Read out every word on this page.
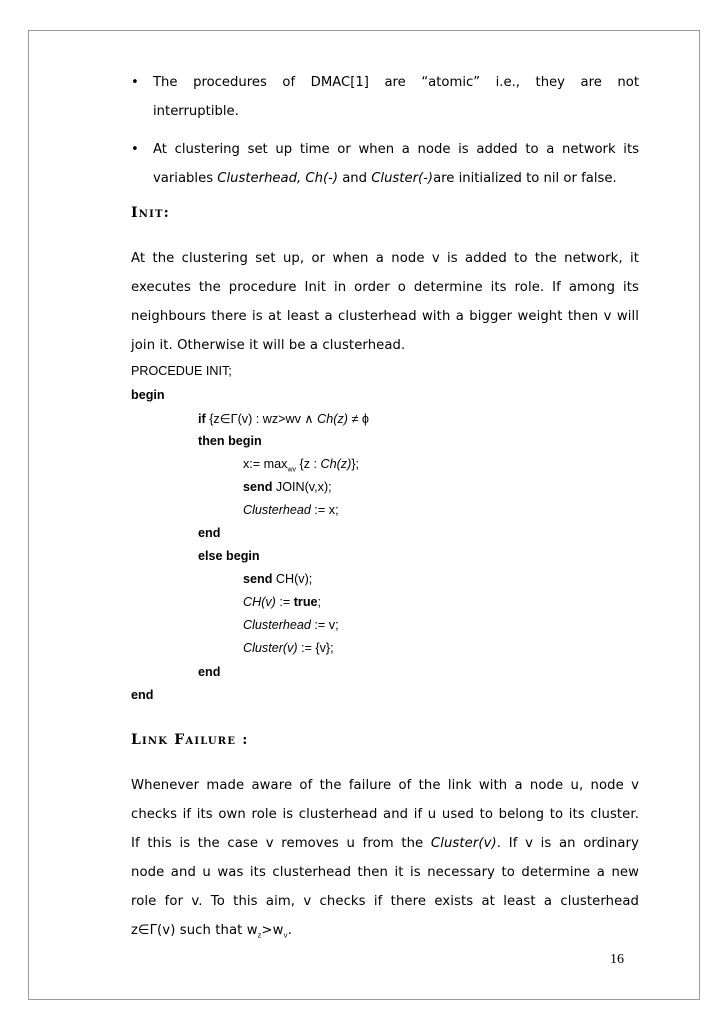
• The procedures of DMAC[1] are “atomic” i.e., they are not
interruptible.
• At clustering set up time or when a node is added to a network its
variables Clusterhead, Ch(-) and Cluster(-)are initialized to nil or false.
Init:
At the clustering set up, or when a node v is added to the network, it
executes the procedure Init in order o determine its role. If among its
neighbours there is at least a clusterhead with a bigger weight then v will
join it. Otherwise it will be a clusterhead.
PROCEDUE INIT;
begin
if {z∈Γ(v) : wz>wv ∧ Ch(z) ≠ ϕ
then begin
x:= $\max_{wv} \{z$ : Ch(z)};
send JOIN(v,x);
Clusterhead := x;
end
else begin
send CH(v);
CH(v) := true;
Clusterhead := v;
Cluster(v) := {v};
end
end
Link Failure :
Whenever made aware of the failure of the link with a node u, node v
checks if its own role is clusterhead and if u used to belong to its cluster.
If this is the case v removes u from the Cluster(v). If v is an ordinary
node and u was its clusterhead then it is necessary to determine a new
role for v. To this aim, v checks if there exists at least a clusterhead
z∈Γ(v) such that $w_z>w_v$.
16
